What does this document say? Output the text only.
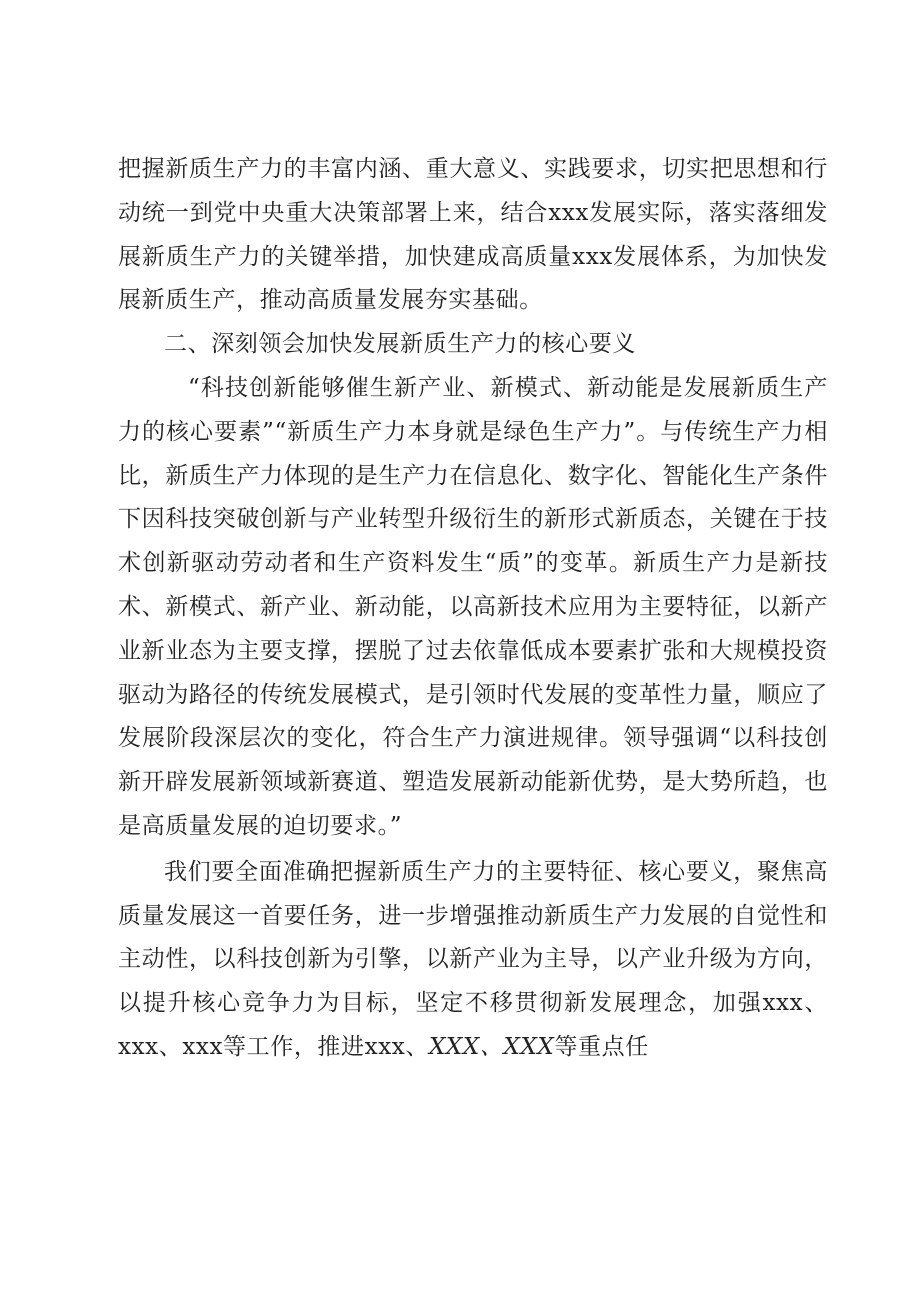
把握新质生产力的丰富内涵、重大意义、实践要求，切实把思想和行动统一到党中央重大决策部署上来，结合xxx发展实际，落实落细发展新质生产力的关键举措，加快建成高质量xxx发展体系，为加快发展新质生产，推动高质量发展夯实基础。

二、深刻领会加快发展新质生产力的核心要义

“科技创新能够催生新产业、新模式、新动能是发展新质生产力的核心要素”“新质生产力本身就是绿色生产力”。与传统生产力相比，新质生产力体现的是生产力在信息化、数字化、智能化生产条件下因科技突破创新与产业转型升级衍生的新形式新质态，关键在于技术创新驱动劳动者和生产资料发生“质”的变革。新质生产力是新技术、新模式、新产业、新动能，以高新技术应用为主要特征，以新产业新业态为主要支撑，摆脱了过去依靠低成本要素扩张和大规模投资驱动为路径的传统发展模式，是引领时代发展的变革性力量，顺应了发展阶段深层次的变化，符合生产力演进规律。领导强调“以科技创新开辟发展新领域新赛道、塑造发展新动能新优势，是大势所趋，也是高质量发展的迫切要求。”

我们要全面准确把握新质生产力的主要特征、核心要义，聚焦高质量发展这一首要任务，进一步增强推动新质生产力发展的自觉性和主动性，以科技创新为引擎，以新产业为主导，以产业升级为方向，以提升核心竞争力为目标，坚定不移贯彻新发展理念，加强xxx、xxx、xxx等工作，推进xxx、XXX、XXX等重点任
